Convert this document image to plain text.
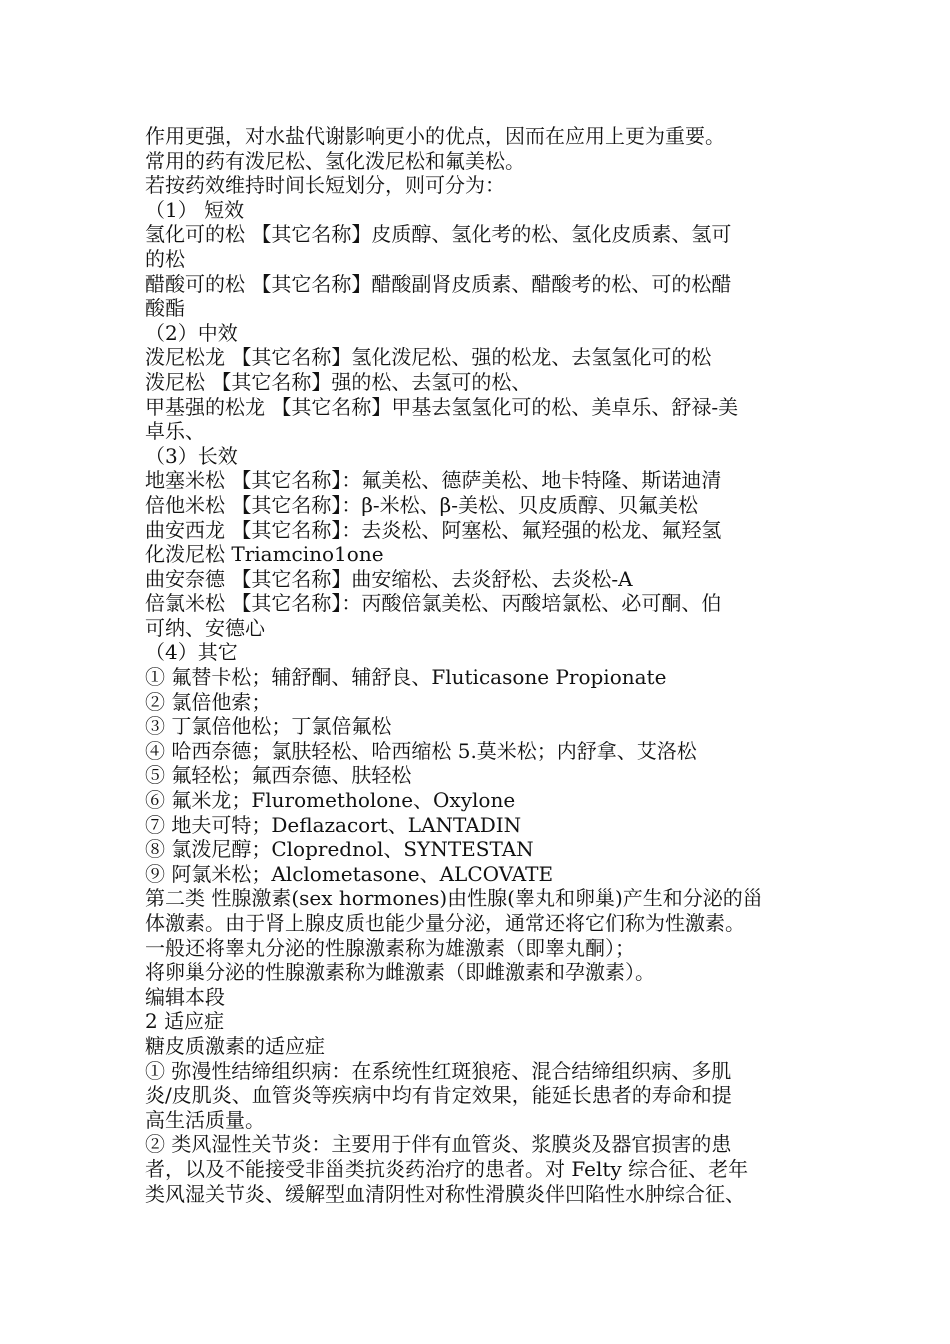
作用更强，对水盐代谢影响更小的优点，因而在应用上更为重要。
常用的药有泼尼松、氢化泼尼松和氟美松。
若按药效维持时间长短划分，则可分为：
（1） 短效
氢化可的松 【其它名称】皮质醇、氢化考的松、氢化皮质素、氢可
的松
醋酸可的松 【其它名称】醋酸副肾皮质素、醋酸考的松、可的松醋
酸酯
（2）中效
泼尼松龙 【其它名称】氢化泼尼松、强的松龙、去氢氢化可的松
泼尼松 【其它名称】强的松、去氢可的松、
甲基强的松龙 【其它名称】甲基去氢氢化可的松、美卓乐、舒禄-美
卓乐、
（3）长效
地塞米松 【其它名称】：氟美松、德萨美松、地卡特隆、斯诺迪清
倍他米松 【其它名称】：β-米松、β-美松、贝皮质醇、贝氟美松
曲安西龙 【其它名称】：去炎松、阿塞松、氟羟强的松龙、氟羟氢
化泼尼松 Triamcino1one
曲安奈德 【其它名称】曲安缩松、去炎舒松、去炎松-A
倍氯米松 【其它名称】：丙酸倍氯美松、丙酸培氯松、必可酮、伯
可纳、安德心
（4）其它
① 氟替卡松；辅舒酮、辅舒良、Fluticasone Propionate
② 氯倍他索；
③ 丁氯倍他松；丁氯倍氟松
④ 哈西奈德；氯肤轻松、哈西缩松 5.莫米松；内舒拿、艾洛松
⑤ 氟轻松；氟西奈德、肤轻松
⑥ 氟米龙；Flurometholone、Oxylone
⑦ 地夫可特；Deflazacort、LANTADIN
⑧ 氯泼尼醇；Cloprednol、SYNTESTAN
⑨ 阿氯米松；Alclometasone、ALCOVATE
第二类 性腺激素(sex hormones)由性腺(睾丸和卵巢)产生和分泌的甾
体激素。由于肾上腺皮质也能少量分泌，通常还将它们称为性激素。
一般还将睾丸分泌的性腺激素称为雄激素（即睾丸酮）；
将卵巢分泌的性腺激素称为雌激素（即雌激素和孕激素）。
编辑本段
2 适应症
糖皮质激素的适应症
① 弥漫性结缔组织病：在系统性红斑狼疮、混合结缔组织病、多肌
炎/皮肌炎、血管炎等疾病中均有肯定效果，能延长患者的寿命和提
高生活质量。
② 类风湿性关节炎：主要用于伴有血管炎、浆膜炎及器官损害的患
者，以及不能接受非甾类抗炎药治疗的患者。对 Felty 综合征、老年
类风湿关节炎、缓解型血清阴性对称性滑膜炎伴凹陷性水肿综合征、
